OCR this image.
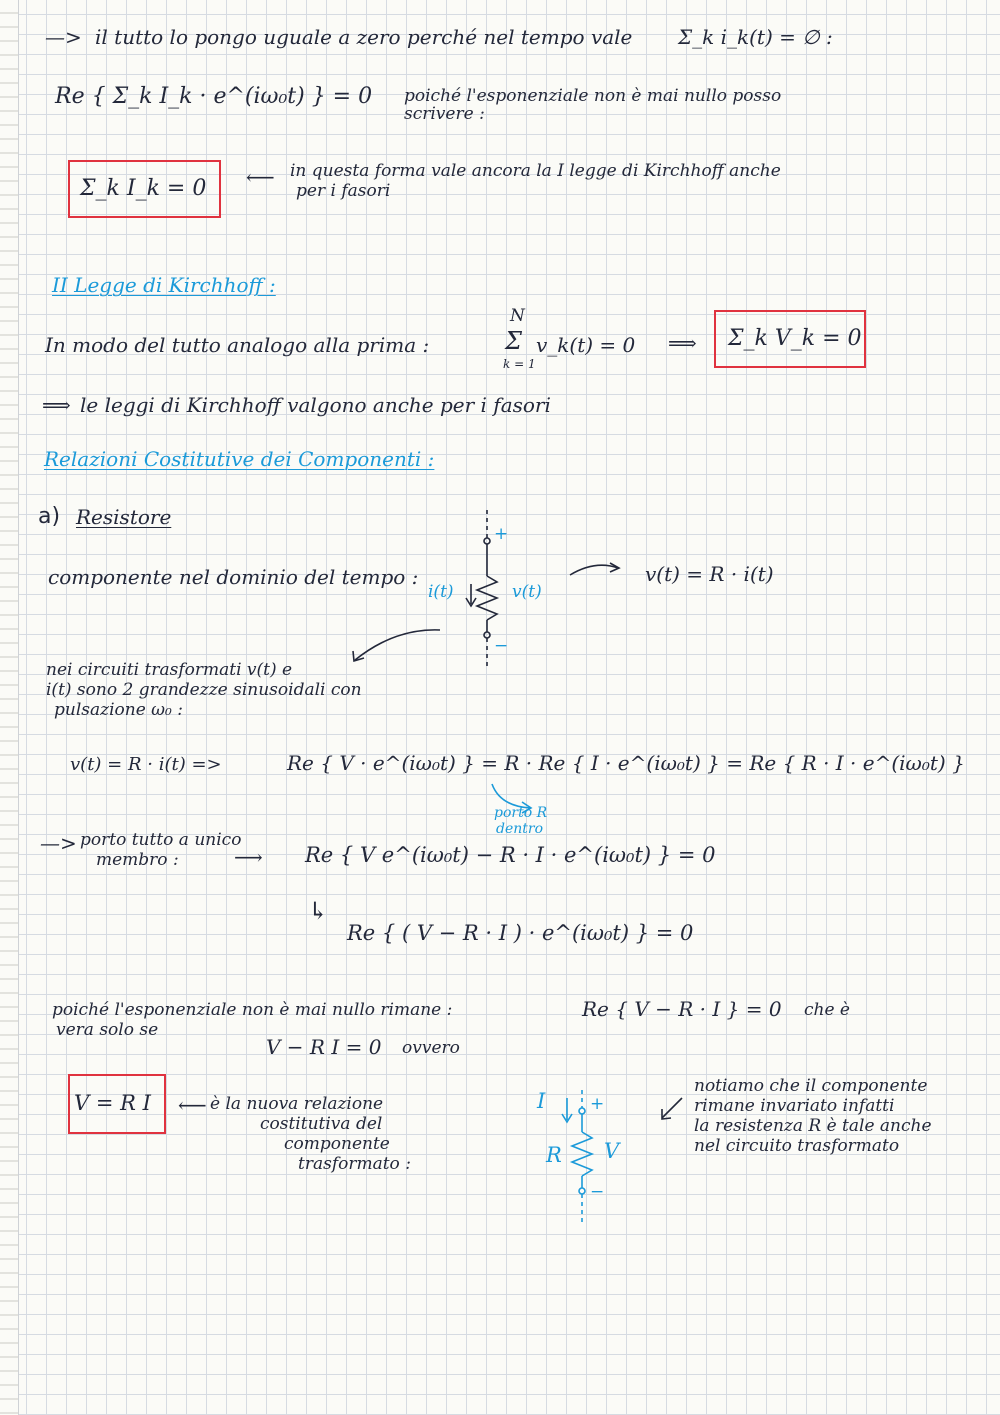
—> il tutto lo pongo uguale a zero perché nel tempo vale Σ_k i_k(t) = ∅ :
Re { Σ_k I_k · e^(iω₀t) } = 0 poiché l'esponenziale non è mai nullo posso
scrivere :
Σ_k I_k = 0 ⟵ in questa forma vale ancora la I legge di Kirchhoff anche
per i fasori
II Legge di Kirchhoff :
In modo del tutto analogo alla prima :
N
Σ
k = 1
v_k(t) = 0 ⟹ Σ_k V_k = 0
⟹ le leggi di Kirchhoff valgono anche per i fasori
Relazioni Costitutive dei Componenti :
a) Resistore
componente nel dominio del tempo :
i(t)	v(t)
+
−
v(t) = R · i(t)
nei circuiti trasformati v(t) e
i(t) sono 2 grandezze sinusoidali con
pulsazione ω₀ :
v(t) = R · i(t) =>	Re { V · e^(iω₀t) } = R · Re { I · e^(iω₀t) } = Re { R · I · e^(iω₀t) }
porto R
dentro
—> porto tutto a unico
membro :	⟶ Re { V e^(iω₀t) − R · I · e^(iω₀t) } = 0
↳
Re { ( V − R · I ) · e^(iω₀t) } = 0
poiché l'esponenziale non è mai nullo rimane :	Re { V − R · I } = 0 che è
vera solo se
V − R I = 0 ovvero
V = R I ⟵ è la nuova relazione
costitutiva del
componente
trasformato :
I
R V
+
−
notiamo che il componente
rimane invariato infatti
la resistenza R è tale anche
nel circuito trasformato
